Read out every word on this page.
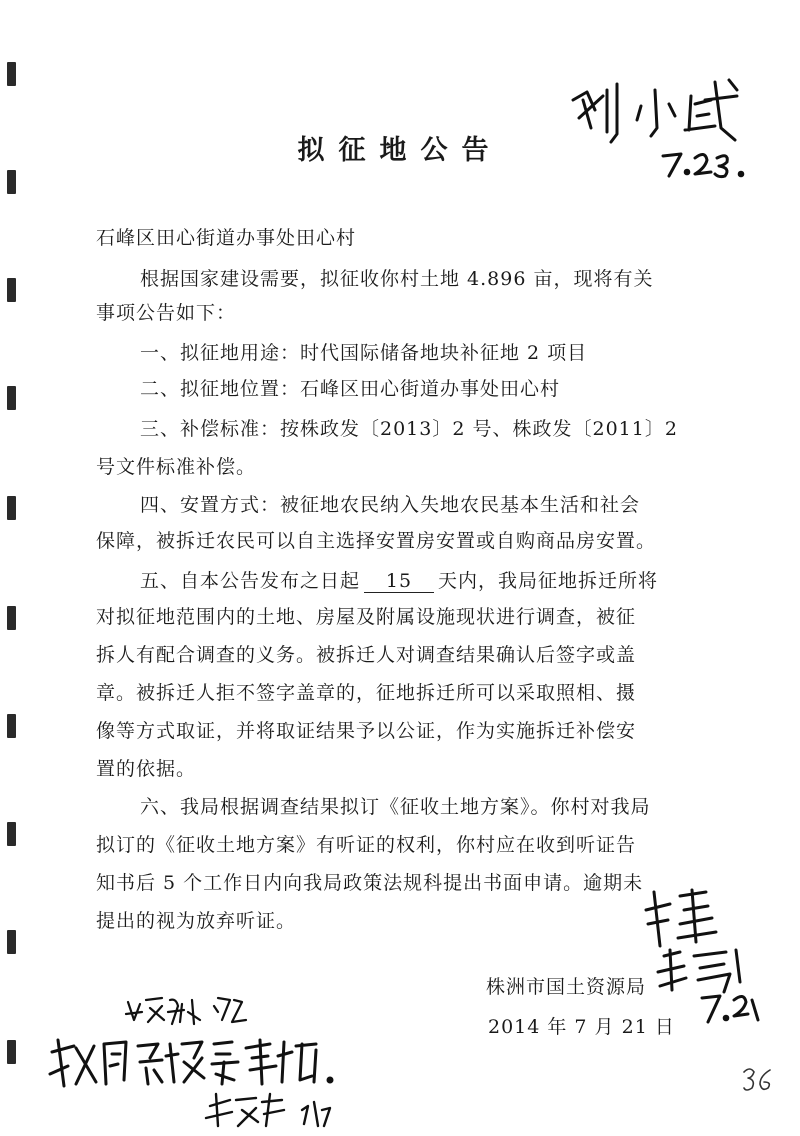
拟征地公告
石峰区田心街道办事处田心村
根据国家建设需要，拟征收你村土地 4.896 亩，现将有关
事项公告如下：
一、拟征地用途：时代国际储备地块补征地 2 项目
二、拟征地位置：石峰区田心街道办事处田心村
三、补偿标准：按株政发〔2013〕2 号、株政发〔2011〕2
号文件标准补偿。
四、安置方式：被征地农民纳入失地农民基本生活和社会
保障，被拆迁农民可以自主选择安置房安置或自购商品房安置。
五、自本公告发布之日起 15 天内，我局征地拆迁所将
对拟征地范围内的土地、房屋及附属设施现状进行调查，被征
拆人有配合调查的义务。被拆迁人对调查结果确认后签字或盖
章。被拆迁人拒不签字盖章的，征地拆迁所可以采取照相、摄
像等方式取证，并将取证结果予以公证，作为实施拆迁补偿安
置的依据。
六、我局根据调查结果拟订《征收土地方案》。你村对我局
拟订的《征收土地方案》有听证的权利，你村应在收到听证告
知书后 5 个工作日内向我局政策法规科提出书面申请。逾期未
提出的视为放弃听证。
株洲市国土资源局
2014 年 7 月 21 日
